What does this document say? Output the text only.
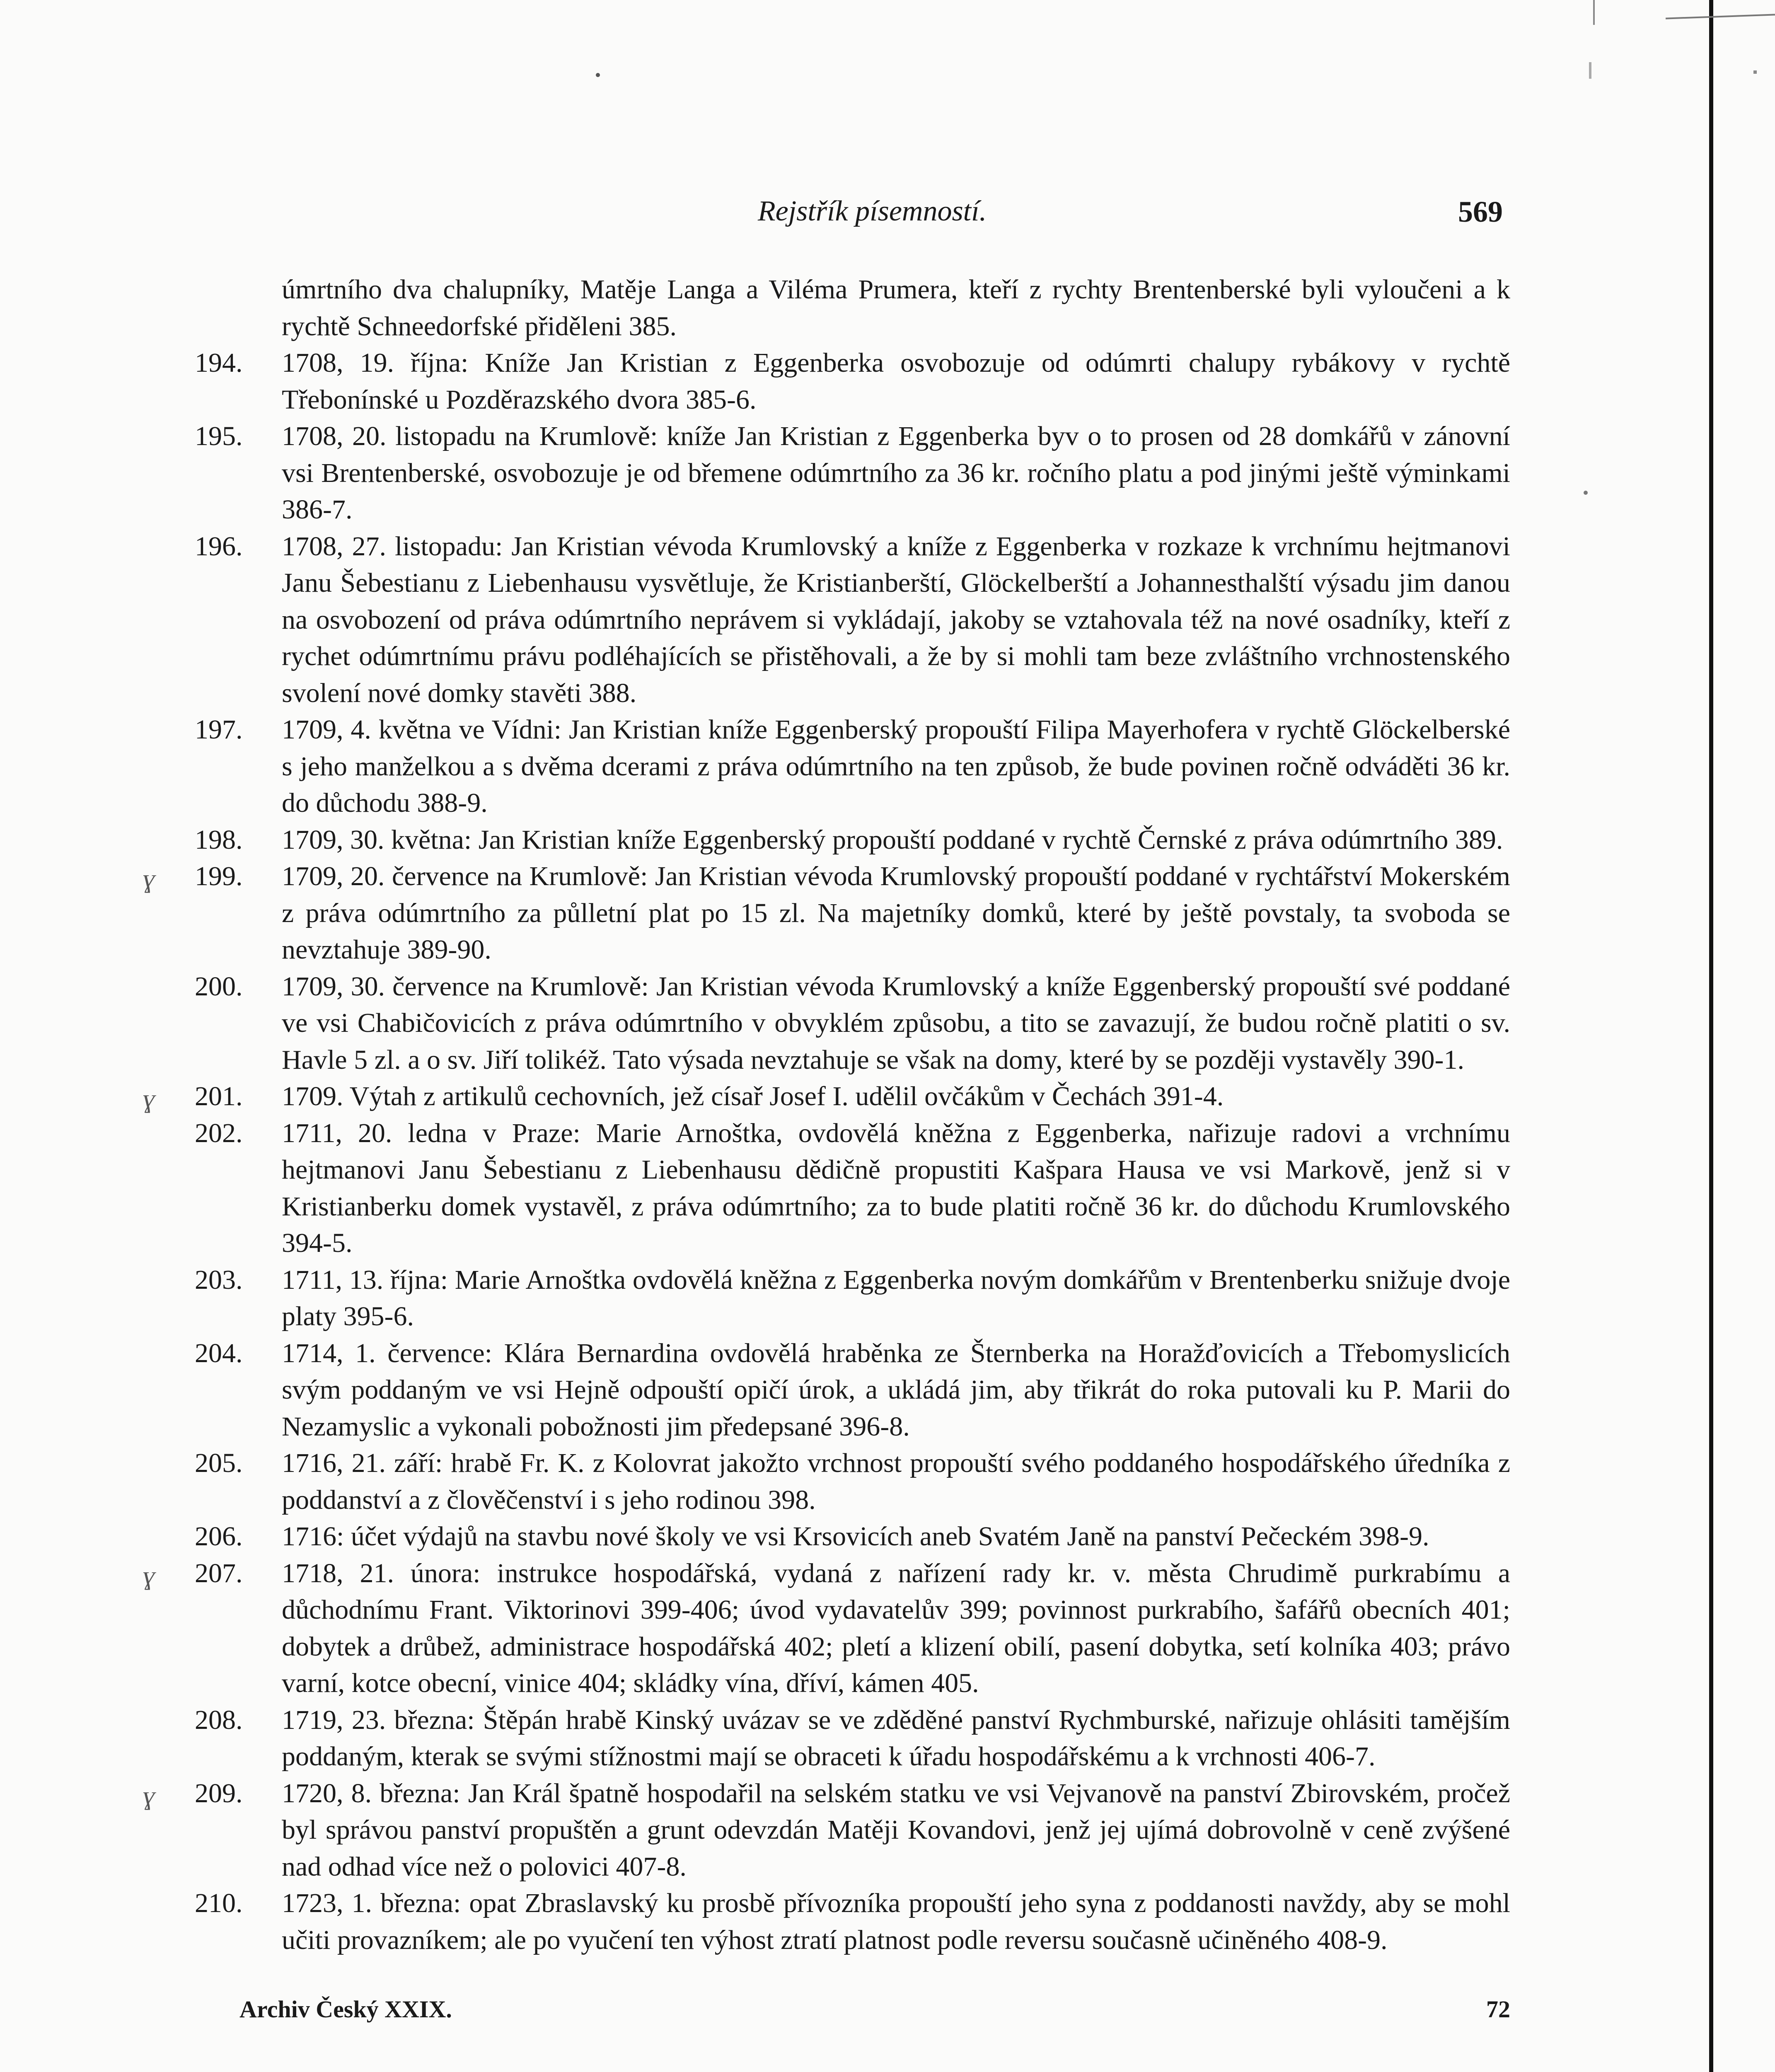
Rejstřík písemností.	569
úmrtního dva chalupníky, Matěje Langa a Viléma Prumera, kteří z rychty Brentenberské byli vyloučeni a k rychtě Schneedorfské přiděleni 385.
194.	1708, 19. října: Kníže Jan Kristian z Eggenberka osvobozuje od odúmrti chalupy rybákovy v rychtě Třebonínské u Pozděrazského dvora 385-6.
195.	1708, 20. listopadu na Krumlově: kníže Jan Kristian z Eggenberka byv o to prosen od 28 domkářů v zánovní vsi Brentenberské, osvobozuje je od břemene odúmrtního za 36 kr. ročního platu a pod jinými ještě výminkami 386-7.
196.	1708, 27. listopadu: Jan Kristian vévoda Krumlovský a kníže z Eggenberka v rozkaze k vrchnímu hejtmanovi Janu Šebestianu z Liebenhausu vysvětluje, že Kristianberští, Glöckelberští a Johannesthalští výsadu jim danou na osvobození od práva odúmrtního neprávem si vykládají, jakoby se vztahovala též na nové osadníky, kteří z rychet odúmrtnímu právu podléhajících se přistěhovali, a že by si mohli tam beze zvláštního vrchnostenského svolení nové domky stavěti 388.
197.	1709, 4. května ve Vídni: Jan Kristian kníže Eggenberský propouští Filipa Mayerhofera v rychtě Glöckelberské s jeho manželkou a s dvěma dcerami z práva odúmrtního na ten způsob, že bude povinen ročně odváděti 36 kr. do důchodu 388-9.
198.	1709, 30. května: Jan Kristian kníže Eggenberský propouští poddané v rychtě Černské z práva odúmrtního 389.
ɣ 199.	1709, 20. července na Krumlově: Jan Kristian vévoda Krumlovský propouští poddané v rychtářství Mokerském z práva odúmrtního za půlletní plat po 15 zl. Na majetníky domků, které by ještě povstaly, ta svoboda se nevztahuje 389-90.
200.	1709, 30. července na Krumlově: Jan Kristian vévoda Krumlovský a kníže Eggenberský propouští své poddané ve vsi Chabičovicích z práva odúmrtního v obvyklém způsobu, a tito se zavazují, že budou ročně platiti o sv. Havle 5 zl. a o sv. Jiří tolikéž. Tato výsada nevztahuje se však na domy, které by se později vystavěly 390-1.
ɣ 201.	1709. Výtah z artikulů cechovních, jež císař Josef I. udělil ovčákům v Čechách 391-4.
202.	1711, 20. ledna v Praze: Marie Arnoštka, ovdovělá kněžna z Eggenberka, nařizuje radovi a vrchnímu hejtmanovi Janu Šebestianu z Liebenhausu dědičně propustiti Kašpara Hausa ve vsi Markově, jenž si v Kristianberku domek vystavěl, z práva odúmrtního; za to bude platiti ročně 36 kr. do důchodu Krumlovského 394-5.
203.	1711, 13. října: Marie Arnoštka ovdovělá kněžna z Eggenberka novým domkářům v Brentenberku snižuje dvoje platy 395-6.
204.	1714, 1. července: Klára Bernardina ovdovělá hraběnka ze Šternberka na Horažďovicích a Třebomyslicích svým poddaným ve vsi Hejně odpouští opičí úrok, a ukládá jim, aby třikrát do roka putovali ku P. Marii do Nezamyslic a vykonali pobožnosti jim předepsané 396-8.
205.	1716, 21. září: hrabě Fr. K. z Kolovrat jakožto vrchnost propouští svého poddaného hospodářského úředníka z poddanství a z člověčenství i s jeho rodinou 398.
206.	1716: účet výdajů na stavbu nové školy ve vsi Krsovicích aneb Svatém Janě na panství Pečeckém 398-9.
ɣ 207.	1718, 21. února: instrukce hospodářská, vydaná z nařízení rady kr. v. města Chrudimě purkrabímu a důchodnímu Frant. Viktorinovi 399-406; úvod vydavatelův 399; povinnost purkrabího, šafářů obecních 401; dobytek a drůbež, administrace hospodářská 402; pletí a klizení obilí, pasení dobytka, setí kolníka 403; právo varní, kotce obecní, vinice 404; skládky vína, dříví, kámen 405.
208.	1719, 23. března: Štěpán hrabě Kinský uvázav se ve zděděné panství Rychmburské, nařizuje ohlásiti tamějším poddaným, kterak se svými stížnostmi mají se obraceti k úřadu hospodářskému a k vrchnosti 406-7.
ɣ 209.	1720, 8. března: Jan Král špatně hospodařil na selském statku ve vsi Vejvanově na panství Zbirovském, pročež byl správou panství propuštěn a grunt odevzdán Matěji Kovandovi, jenž jej ujímá dobrovolně v ceně zvýšené nad odhad více než o polovici 407-8.
210.	1723, 1. března: opat Zbraslavský ku prosbě přívozníka propouští jeho syna z poddanosti navždy, aby se mohl učiti provazníkem; ale po vyučení ten výhost ztratí platnost podle reversu současně učiněného 408-9.
Archiv Český XXIX.	72
